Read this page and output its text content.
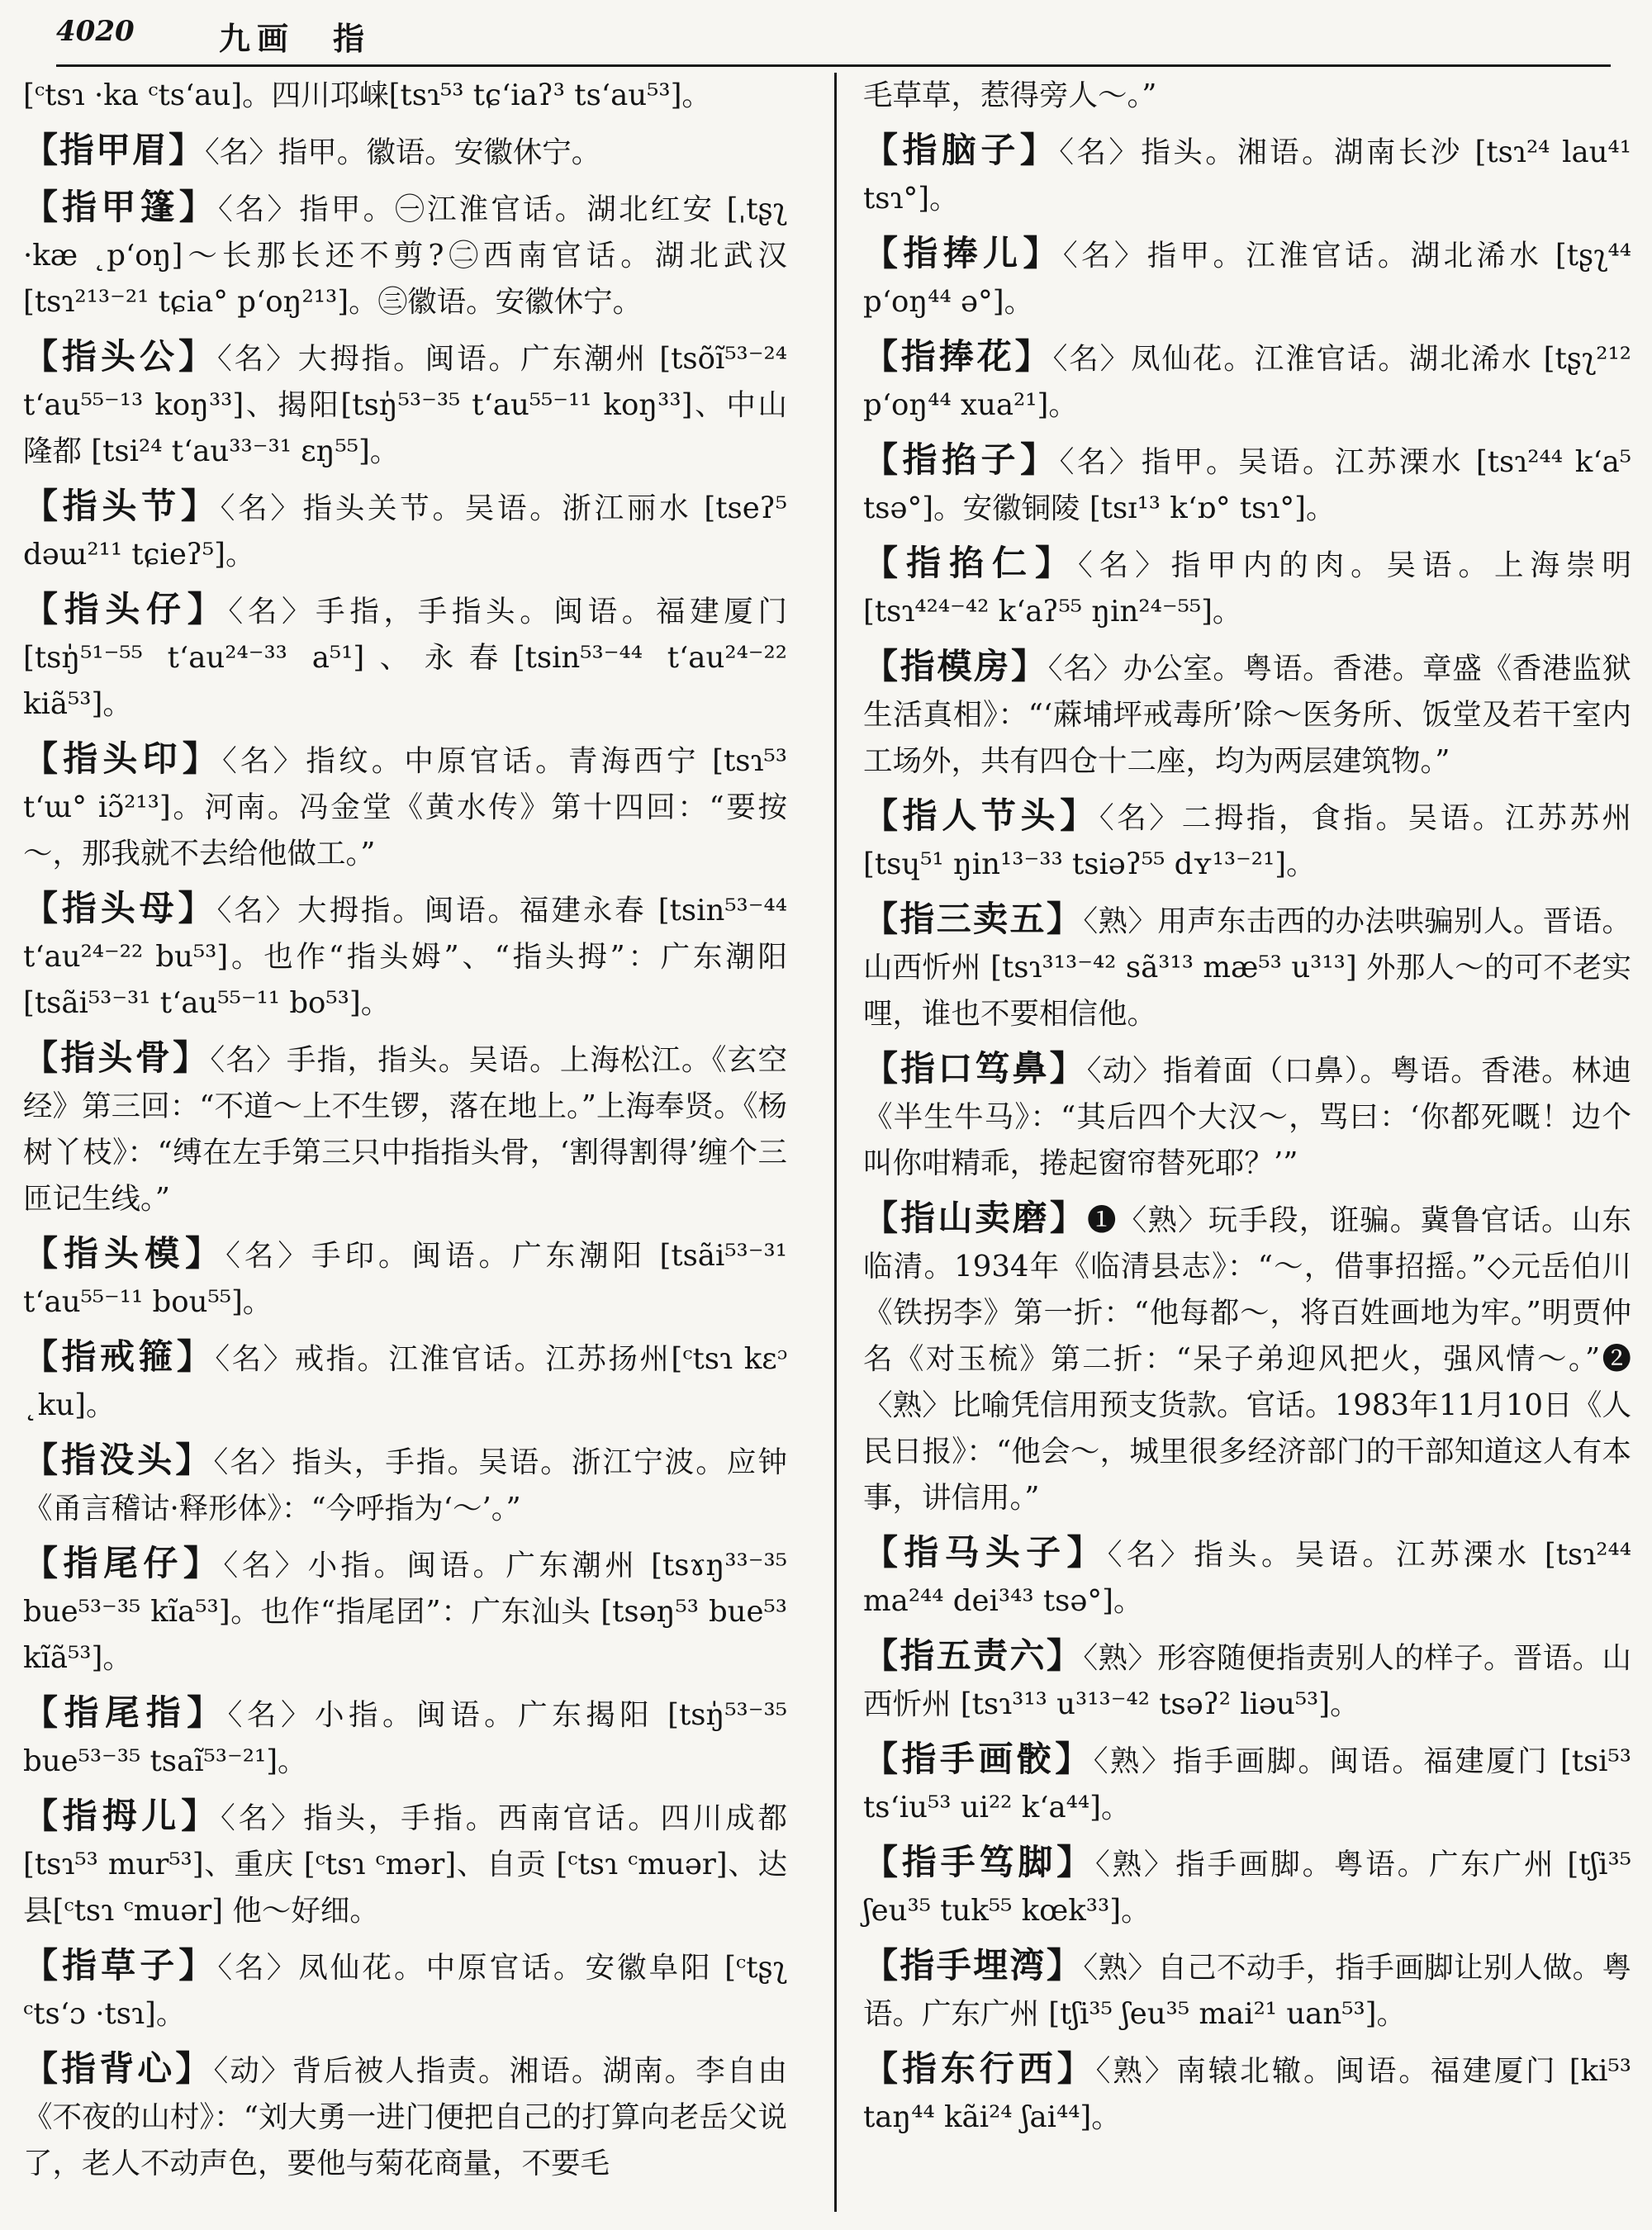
4020	九画　指

[ᶜtsɿ ·ka ᶜts‘au]。四川邛崃[tsɿ⁵³ tɕ‘iaʔ³ ts‘au⁵³]。

【指甲眉】〈名〉指甲。徽语。安徽休宁。

【指甲篷】〈名〉指甲。㊀江淮官话。湖北红安 [ˌtʂʅ ·kæ ˛p‘oŋ]～长那长还不剪?㊁西南官话。湖北武汉 [tsɿ²¹³⁻²¹ tɕia° p‘oŋ²¹³]。㊂徽语。安徽休宁。

【指头公】〈名〉大拇指。闽语。广东潮州 [tsõĩ⁵³⁻²⁴ t‘au⁵⁵⁻¹³ koŋ³³]、揭阳[tsŋ̍⁵³⁻³⁵ t‘au⁵⁵⁻¹¹ koŋ³³]、中山隆都 [tsi²⁴ t‘au³³⁻³¹ ɛŋ⁵⁵]。

【指头节】〈名〉指头关节。吴语。浙江丽水 [tseʔ⁵ dəɯ²¹¹ tɕieʔ⁵]。

【指头仔】〈名〉手指，手指头。闽语。福建厦门 [tsŋ̍⁵¹⁻⁵⁵ t‘au²⁴⁻³³ a⁵¹]、永春[tsin⁵³⁻⁴⁴ t‘au²⁴⁻²² kiã⁵³]。

【指头印】〈名〉指纹。中原官话。青海西宁 [tsɿ⁵³ t‘ɯ° iɔ̃²¹³]。河南。冯金堂《黄水传》第十四回：“要按～，那我就不去给他做工。”

【指头母】〈名〉大拇指。闽语。福建永春 [tsin⁵³⁻⁴⁴ t‘au²⁴⁻²² bu⁵³]。也作“指头姆”、“指头拇”：广东潮阳 [tsãi⁵³⁻³¹ t‘au⁵⁵⁻¹¹ bo⁵³]。

【指头骨】〈名〉手指，指头。吴语。上海松江。《玄空经》第三回：“不道～上不生锣，落在地上。”上海奉贤。《杨树丫枝》：“缚在左手第三只中指指头骨，‘割得割得’缠个三匝记生线。”

【指头模】〈名〉手印。闽语。广东潮阳 [tsãi⁵³⁻³¹ t‘au⁵⁵⁻¹¹ bou⁵⁵]。

【指戒箍】〈名〉戒指。江淮官话。江苏扬州[ᶜtsɿ kɛᵓ ˛ku]。

【指没头】〈名〉指头，手指。吴语。浙江宁波。应钟《甬言稽诂·释形体》：“今呼指为‘～’。”

【指尾仔】〈名〉小指。闽语。广东潮州 [tsɤŋ³³⁻³⁵ bue⁵³⁻³⁵ kĩa⁵³]。也作“指尾囝”：广东汕头 [tsəŋ⁵³ bue⁵³ kĩã⁵³]。

【指尾指】〈名〉小指。闽语。广东揭阳 [tsŋ̍⁵³⁻³⁵ bue⁵³⁻³⁵ tsaĩ⁵³⁻²¹]。

【指拇儿】〈名〉指头，手指。西南官话。四川成都 [tsɿ⁵³ mur⁵³]、重庆 [ᶜtsɿ ᶜmər]、自贡 [ᶜtsɿ ᶜmuər]、达县[ᶜtsɿ ᶜmuər] 他～好细。

【指草子】〈名〉凤仙花。中原官话。安徽阜阳 [ᶜtʂʅ ᶜts‘ɔ ·tsɿ]。

【指背心】〈动〉背后被人指责。湘语。湖南。李自由《不夜的山村》：“刘大勇一进门便把自己的打算向老岳父说了，老人不动声色，要他与菊花商量，不要毛

毛草草，惹得旁人～。”

【指脑子】〈名〉指头。湘语。湖南长沙 [tsɿ²⁴ lau⁴¹ tsɿ°]。

【指捧儿】〈名〉指甲。江淮官话。湖北浠水 [tʂʅ⁴⁴ p‘oŋ⁴⁴ ə°]。

【指捧花】〈名〉凤仙花。江淮官话。湖北浠水 [tʂʅ²¹² p‘oŋ⁴⁴ xua²¹]。

【指掐子】〈名〉指甲。吴语。江苏溧水 [tsɿ²⁴⁴ k‘a⁵ tsə°]。安徽铜陵 [tsɪ¹³ k‘ɒ° tsɿ°]。

【指掐仁】〈名〉指甲内的肉。吴语。上海崇明 [tsɿ⁴²⁴⁻⁴² k‘aʔ⁵⁵ ŋin²⁴⁻⁵⁵]。

【指模房】〈名〉办公室。粤语。香港。章盛《香港监狱生活真相》：“‘蔴埔坪戒毒所’除～医务所、饭堂及若干室内工场外，共有四仓十二座，均为两层建筑物。”

【指人节头】〈名〉二拇指，食指。吴语。江苏苏州 [tsɥ⁵¹ ŋin¹³⁻³³ tsiəʔ⁵⁵ dʏ¹³⁻²¹]。

【指三卖五】〈熟〉用声东击西的办法哄骗别人。晋语。山西忻州 [tsɿ³¹³⁻⁴² sã³¹³ mæ⁵³ u³¹³] 外那人～的可不老实哩，谁也不要相信他。

【指口笃鼻】〈动〉指着面（口鼻）。粤语。香港。林迪《半生牛马》：“其后四个大汉～，骂曰：‘你都死嘅！边个叫你咁精乖，捲起窗帘替死耶？’”

【指山卖磨】❶〈熟〉玩手段，诳骗。冀鲁官话。山东临清。1934年《临清县志》：“～，借事招摇。”◇元岳伯川《铁拐李》第一折：“他每都～，将百姓画地为牢。”明贾仲名《对玉梳》第二折：“呆子弟迎风把火，强风情～。”❷〈熟〉比喻凭信用预支货款。官话。1983年11月10日《人民日报》：“他会～，城里很多经济部门的干部知道这人有本事，讲信用。”

【指马头子】〈名〉指头。吴语。江苏溧水 [tsɿ²⁴⁴ ma²⁴⁴ dei³⁴³ tsə°]。

【指五责六】〈熟〉形容随便指责别人的样子。晋语。山西忻州 [tsɿ³¹³ u³¹³⁻⁴² tsəʔ² liəu⁵³]。

【指手画骹】〈熟〉指手画脚。闽语。福建厦门 [tsi⁵³ ts‘iu⁵³ ui²² k‘a⁴⁴]。

【指手笃脚】〈熟〉指手画脚。粤语。广东广州 [tʃi³⁵ ʃeu³⁵ tuk⁵⁵ kœk³³]。

【指手埋湾】〈熟〉自己不动手，指手画脚让别人做。粤语。广东广州 [tʃi³⁵ ʃeu³⁵ mai²¹ uan⁵³]。

【指东行西】〈熟〉南辕北辙。闽语。福建厦门 [ki⁵³ taŋ⁴⁴ kãi²⁴ ʃai⁴⁴]。
